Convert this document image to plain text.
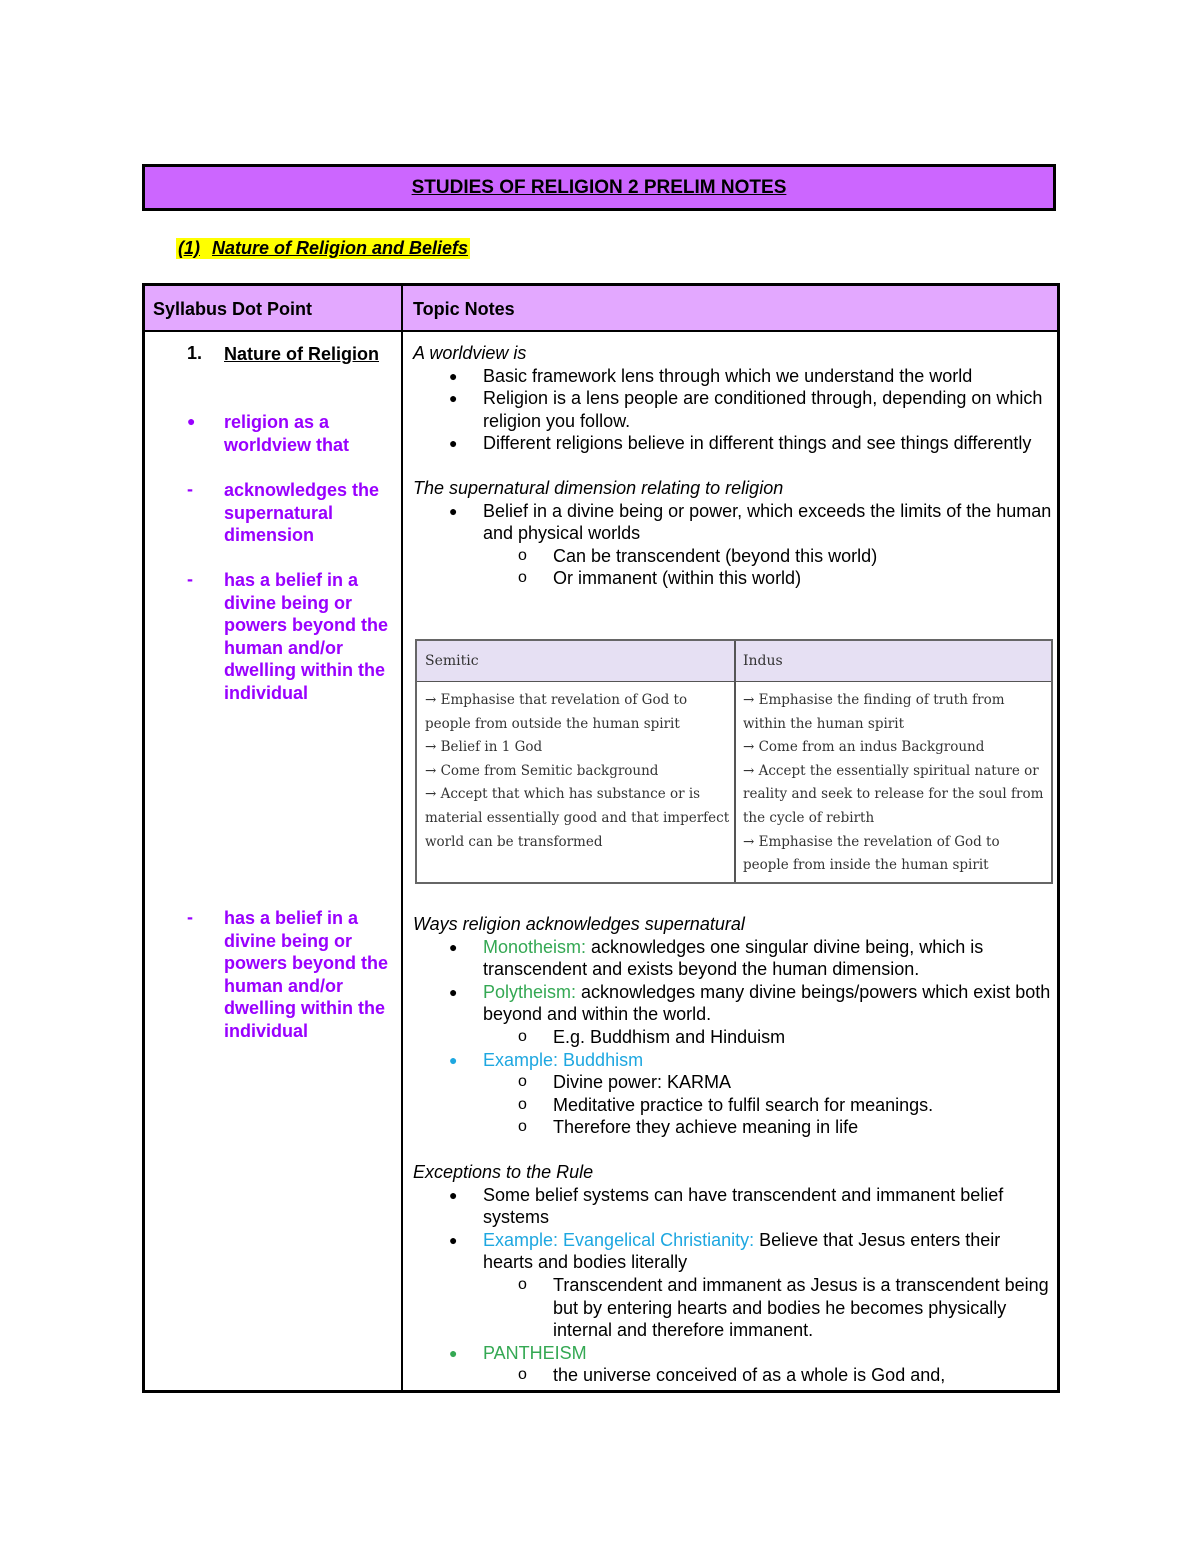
STUDIES OF RELIGION 2 PRELIM NOTES
(1) Nature of Religion and Beliefs
Syllabus Dot Point	Topic Notes
1. Nature of Religion
● religion as a worldview that
- acknowledges the supernatural dimension
- has a belief in a divine being or powers beyond the human and/or dwelling within the individual
- has a belief in a divine being or powers beyond the human and/or dwelling within the individual
A worldview is
● Basic framework lens through which we understand the world
● Religion is a lens people are conditioned through, depending on which religion you follow.
● Different religions believe in different things and see things differently
The supernatural dimension relating to religion
● Belief in a divine being or power, which exceeds the limits of the human and physical worlds
o Can be transcendent (beyond this world)
o Or immanent (within this world)
Ways religion acknowledges supernatural
● Monotheism: acknowledges one singular divine being, which is transcendent and exists beyond the human dimension.
● Polytheism: acknowledges many divine beings/powers which exist both beyond and within the world.
o E.g. Buddhism and Hinduism
● Example: Buddhism
o Divine power: KARMA
o Meditative practice to fulfil search for meanings.
o Therefore they achieve meaning in life
Exceptions to the Rule
● Some belief systems can have transcendent and immanent belief systems
● Example: Evangelical Christianity: Believe that Jesus enters their hearts and bodies literally
o Transcendent and immanent as Jesus is a transcendent being but by entering hearts and bodies he becomes physically internal and therefore immanent.
● PANTHEISM
o the universe conceived of as a whole is God and,
Semitic	Indus
→ Emphasise that revelation of God to people from outside the human spirit
→ Belief in 1 God
→ Come from Semitic background
→ Accept that which has substance or is material essentially good and that imperfect world can be transformed
→ Emphasise the finding of truth from within the human spirit
→ Come from an indus Background
→ Accept the essentially spiritual nature or reality and seek to release for the soul from the cycle of rebirth
→ Emphasise the revelation of God to people from inside the human spirit
